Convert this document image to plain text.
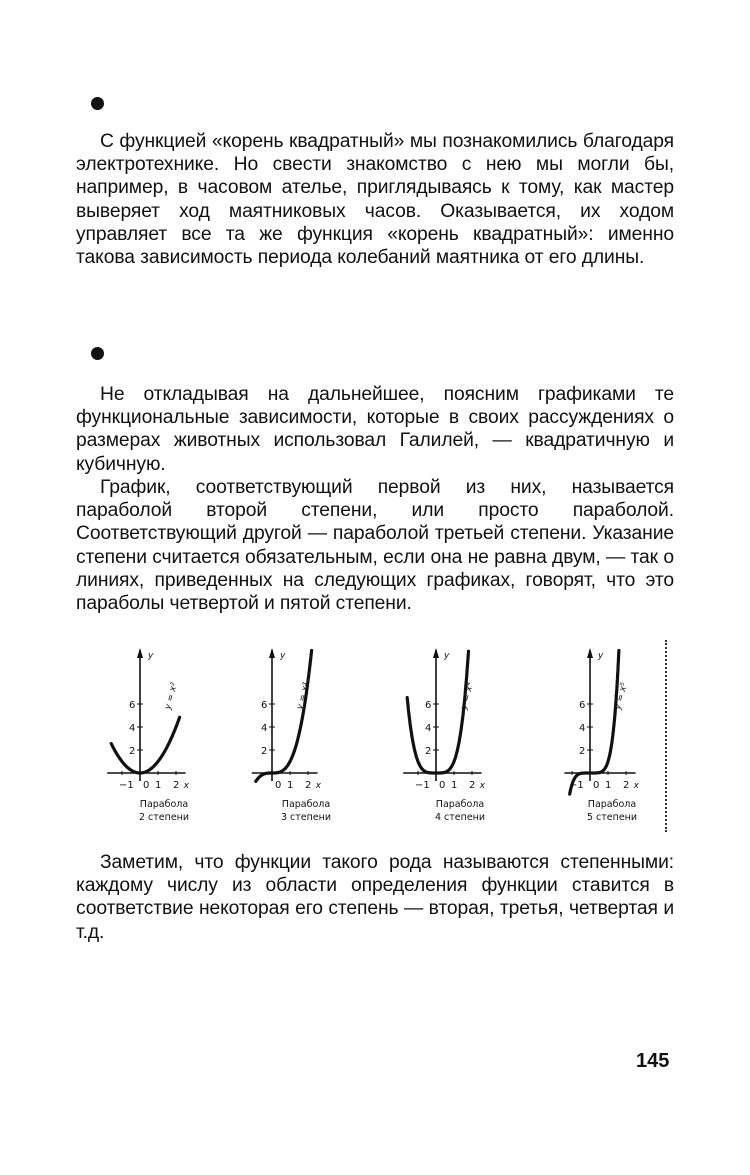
С функцией «корень квадратный» мы познакомились благодаря электротехнике. Но свести знакомство с нею мы могли бы, например, в часовом ателье, приглядываясь к тому, как мастер выверяет ход маятниковых часов. Оказывается, их ходом управляет все та же функция «корень квадратный»: именно такова зависимость периода колебаний маятника от его длины.

Не откладывая на дальнейшее, поясним графиками те функциональные зависимости, которые в своих рассуждениях о размерах животных использовал Галилей, — квадратичную и кубичную.

График, соответствующий первой из них, называется параболой второй степени, или просто параболой. Соответствующий другой — параболой третьей степени. Указание степени считается обязательным, если она не равна двум, — так о линиях, приведенных на следующих графиках, говорят, что это параболы четвертой и пятой степени.

y
2
4
6
−1 0 1 2 x
y = x²
Парабола
2 степени
y
2
4
6
0 1 2 x
y = x³
Парабола
3 степени
y
2
4
6
−1 0 1 2 x
y = x⁴
Парабола
4 степени
y
2
4
6
−1 0 1 2 x
y = x⁵
Парабола
5 степени

Заметим, что функции такого рода называются степенными: каждому числу из области определения функции ставится в соответствие некоторая его степень — вторая, третья, четвертая и т.д.

145
